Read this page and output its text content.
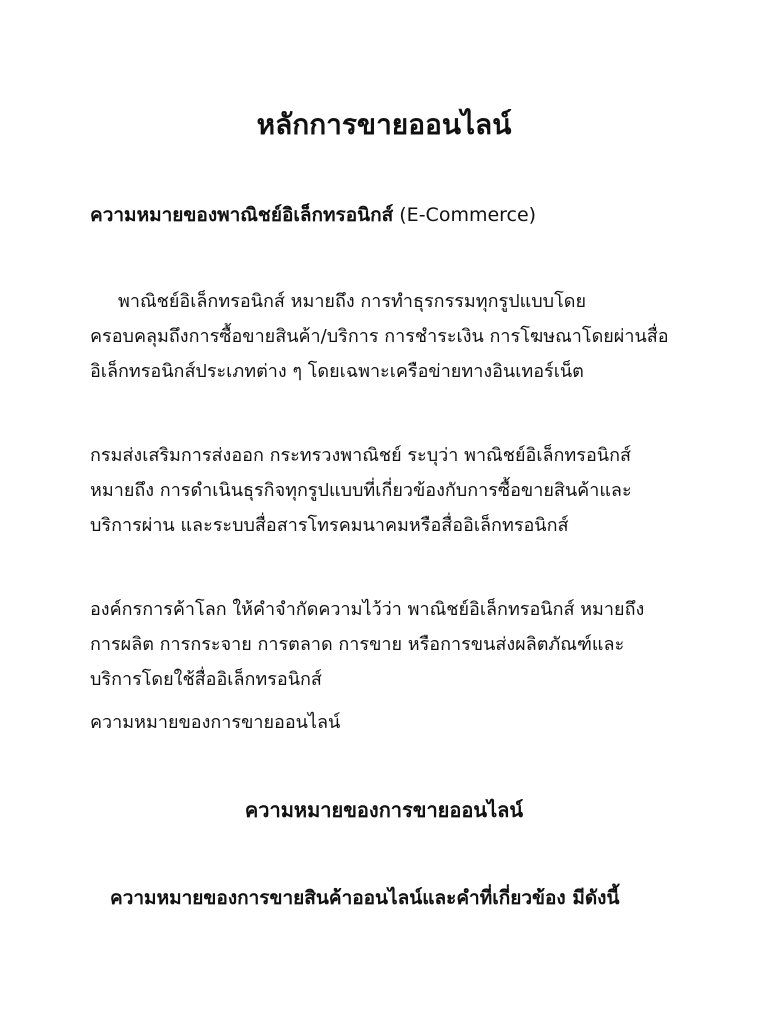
หลักการขายออนไลน์

ความหมายของพาณิชย์อิเล็กทรอนิกส์ (E-Commerce)

พาณิชย์อิเล็กทรอนิกส์ หมายถึง การทำธุรกรรมทุกรูปแบบโดย
ครอบคลุมถึงการซื้อขายสินค้า/บริการ การชำระเงิน การโฆษณาโดยผ่านสื่อ
อิเล็กทรอนิกส์ประเภทต่าง ๆ โดยเฉพาะเครือข่ายทางอินเทอร์เน็ต

กรมส่งเสริมการส่งออก กระทรวงพาณิชย์ ระบุว่า พาณิชย์อิเล็กทรอนิกส์
หมายถึง การดำเนินธุรกิจทุกรูปแบบที่เกี่ยวข้องกับการซื้อขายสินค้าและ
บริการผ่าน และระบบสื่อสารโทรคมนาคมหรือสื่ออิเล็กทรอนิกส์

องค์กรการค้าโลก ให้คำจำกัดความไว้ว่า พาณิชย์อิเล็กทรอนิกส์ หมายถึง
การผลิต การกระจาย การตลาด การขาย หรือการขนส่งผลิตภัณฑ์และ
บริการโดยใช้สื่ออิเล็กทรอนิกส์

ความหมายของการขายออนไลน์

ความหมายของการขายออนไลน์

ความหมายของการขายสินค้าออนไลน์และคำที่เกี่ยวข้อง มีดังนี้
